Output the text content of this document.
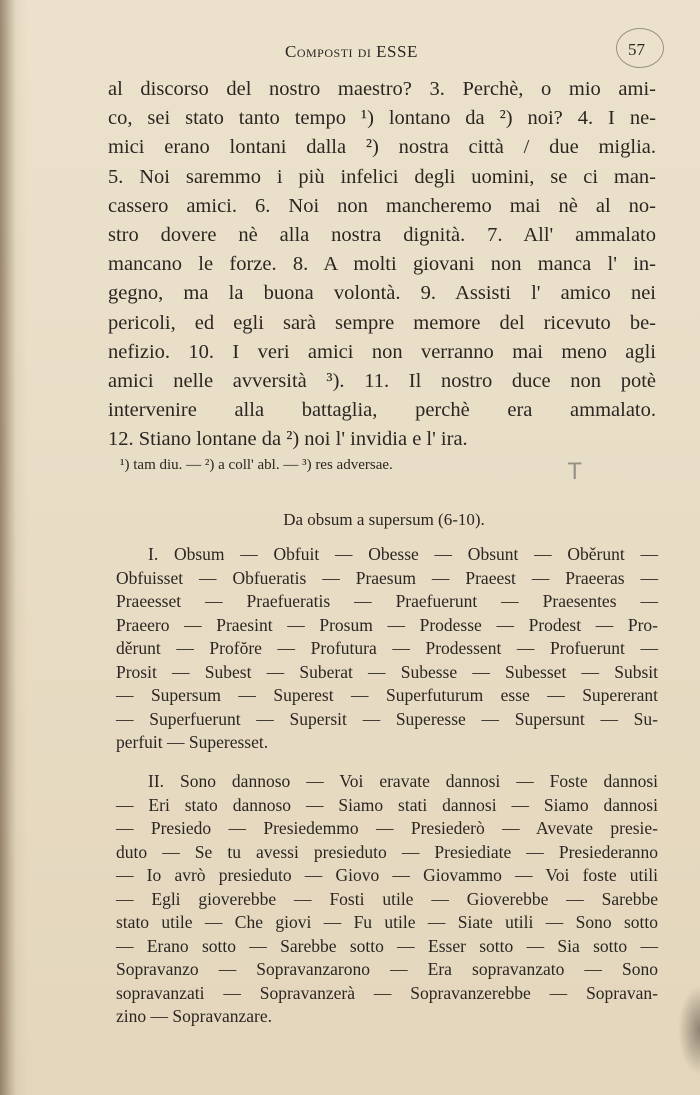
Composti di ESSE	57
al discorso del nostro maestro? 3. Perchè, o mio ami-
co, sei stato tanto tempo ¹) lontano da ²) noi? 4. I ne-
mici erano lontani dalla ²) nostra città / due miglia.
5. Noi saremmo i più infelici degli uomini, se ci man-
cassero amici. 6. Noi non mancheremo mai nè al no-
stro dovere nè alla nostra dignità. 7. All' ammalato
mancano le forze. 8. A molti giovani non manca l' in-
gegno, ma la buona volontà. 9. Assisti l' amico nei
pericoli, ed egli sarà sempre memore del ricevuto be-
nefizio. 10. I veri amici non verranno mai meno agli
amici nelle avversità ³). 11. Il nostro duce non potè
intervenire alla battaglia, perchè era ammalato.
12. Stiano lontane da ²) noi l' invidia e l' ira.
¹) tam diu. — ²) a coll' abl. — ³) res adversae.	T
Da obsum a supersum (6-10).
I. Obsum — Obfuit — Obesse — Obsunt — Oběrunt —
Obfuisset — Obfueratis — Praesum — Praeest — Praeeras —
Praeesset — Praefueratis — Praefuerunt — Praesentes —
Praeero — Praesint — Prosum — Prodesse — Prodest — Pro-
děrunt — Profŏre — Profutura — Prodessent — Profuerunt —
Prosit — Subest — Suberat — Subesse — Subesset — Subsit
— Supersum — Superest — Superfuturum esse — Supererant
— Superfuerunt — Supersit — Superesse — Supersunt — Su-
perfuit — Superesset.
II. Sono dannoso — Voi eravate dannosi — Foste dannosi
— Eri stato dannoso — Siamo stati dannosi — Siamo dannosi
— Presiedo — Presiedemmo — Presiederò — Avevate presie-
duto — Se tu avessi presieduto — Presiediate — Presiederanno
— Io avrò presieduto — Giovo — Giovammo — Voi foste utili
— Egli gioverebbe — Fosti utile — Gioverebbe — Sarebbe
stato utile — Che giovi — Fu utile — Siate utili — Sono sotto
— Erano sotto — Sarebbe sotto — Esser sotto — Sia sotto —
Sopravanzo — Sopravanzarono — Era sopravanzato — Sono
sopravanzati — Sopravanzerà — Sopravanzerebbe — Sopravan-
zino — Sopravanzare.
